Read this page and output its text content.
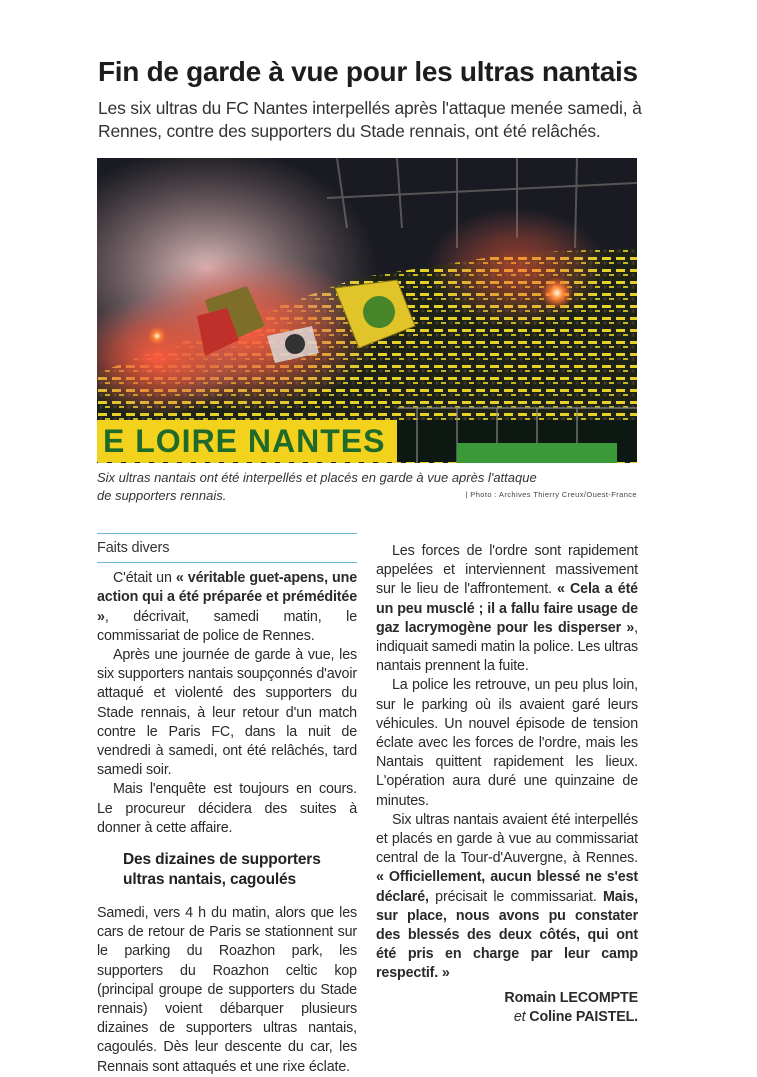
Fin de garde à vue pour les ultras nantais

Les six ultras du FC Nantes interpellés après l'attaque menée samedi, à Rennes, contre des supporters du Stade rennais, ont été relâchés.

E LOIRE NANTES

Six ultras nantais ont été interpellés et placés en garde à vue après l'attaque

de supporters rennais.	| Photo : Archives Thierry Creux/Ouest-France
Faits divers

C'était un « véritable guet-apens, une action qui a été préparée et préméditée », décrivait, samedi matin, le commissariat de police de Rennes.

Après une journée de garde à vue, les six supporters nantais soupçonnés d'avoir attaqué et violenté des supporters du Stade rennais, à leur retour d'un match contre le Paris FC, dans la nuit de vendredi à samedi, ont été relâchés, tard samedi soir.

Mais l'enquête est toujours en cours. Le procureur décidera des suites à donner à cette affaire.

Des dizaines de supporters ultras nantais, cagoulés

Samedi, vers 4 h du matin, alors que les cars de retour de Paris se stationnent sur le parking du Roazhon park, les supporters du Roazhon celtic kop (principal groupe de supporters du Stade rennais) voient débarquer plusieurs dizaines de supporters ultras nantais, cagoulés. Dès leur descente du car, les Rennais sont attaqués et une rixe éclate.

Les forces de l'ordre sont rapidement appelées et interviennent massivement sur le lieu de l'affrontement. « Cela a été un peu musclé ; il a fallu faire usage de gaz lacrymogène pour les disperser », indiquait samedi matin la police. Les ultras nantais prennent la fuite.

La police les retrouve, un peu plus loin, sur le parking où ils avaient garé leurs véhicules. Un nouvel épisode de tension éclate avec les forces de l'ordre, mais les Nantais quittent rapidement les lieux. L'opération aura duré une quinzaine de minutes.

Six ultras nantais avaient été interpellés et placés en garde à vue au commissariat central de la Tour-d'Auvergne, à Rennes. « Officiellement, aucun blessé ne s'est déclaré, précisait le commissariat. Mais, sur place, nous avons pu constater des blessés des deux côtés, qui ont été pris en charge par leur camp respectif. »

Romain LECOMPTE
et Coline PAISTEL.
